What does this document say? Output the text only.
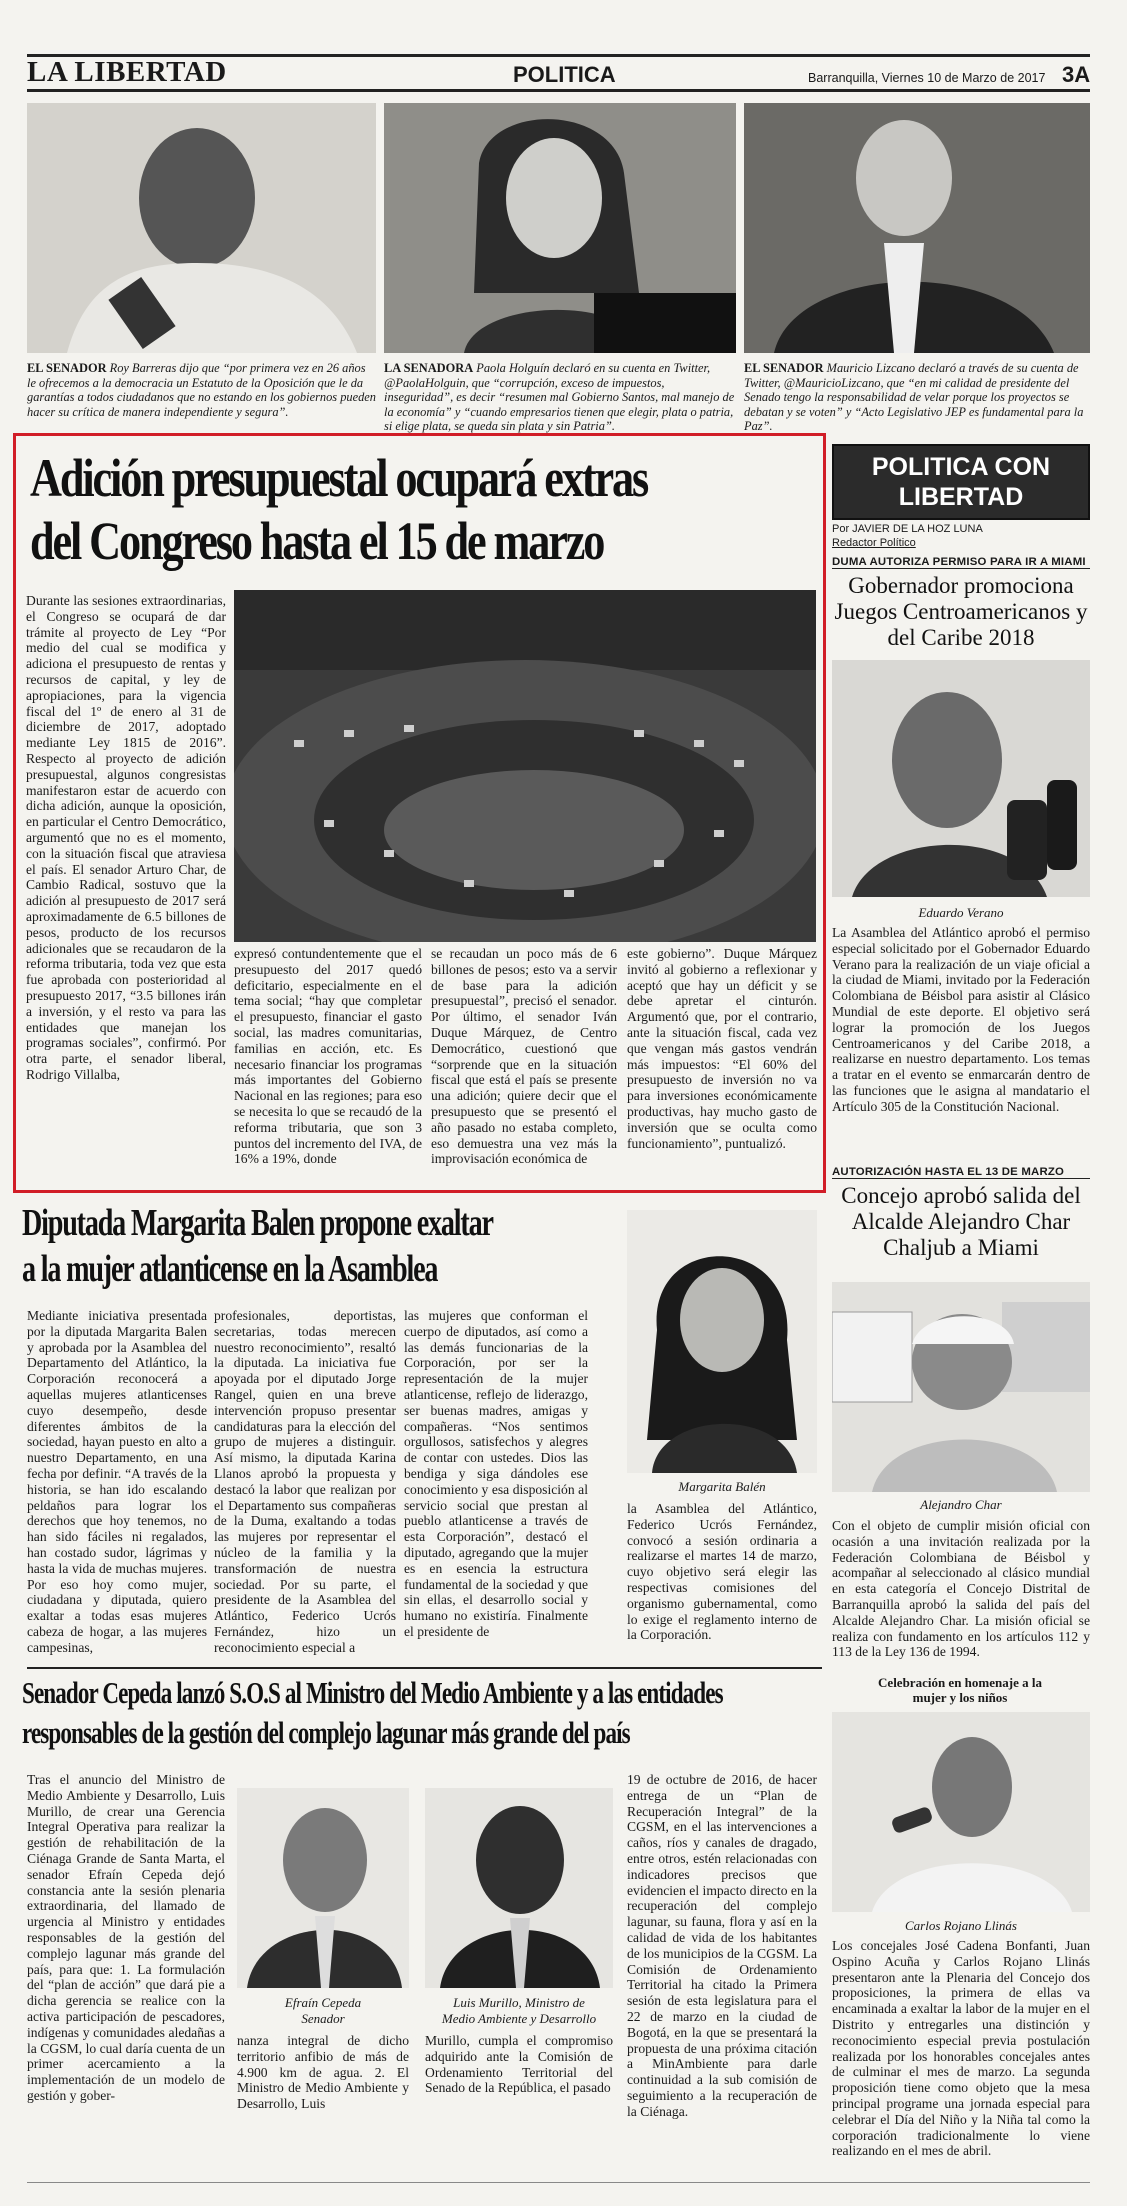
LA LIBERTAD	POLITICA	Barranquilla, Viernes 10 de Marzo de 2017 3A
EL SENADOR Roy Barreras dijo que “por primera vez en 26 años le ofrecemos a la democracia un Estatuto de la Oposición que le da garantías a todos ciudadanos que no estando en los gobiernos pueden hacer su crítica de manera independiente y segura”.
LA SENADORA Paola Holguín declaró en su cuenta en Twitter, @PaolaHolguin, que “corrupción, exceso de impuestos, inseguridad”, es decir “resumen mal Gobierno Santos, mal manejo de la economía” y “cuando empresarios tienen que elegir, plata o patria, si elige plata, se queda sin plata y sin Patria”.
EL SENADOR Mauricio Lizcano declaró a través de su cuenta de Twitter, @MauricioLizcano, que “en mi calidad de presidente del Senado tengo la responsabilidad de velar porque los proyectos se debatan y se voten” y “Acto Legislativo JEP es fundamental para la Paz”.
Adición presupuestal ocupará extras
del Congreso hasta el 15 de marzo
Durante las sesiones extraordinarias, el Congreso se ocupará de dar trámite al proyecto de Ley “Por medio del cual se modifica y adiciona el presupuesto de rentas y recursos de capital, y ley de apropiaciones, para la vigencia fiscal del 1º de enero al 31 de diciembre de 2017, adoptado mediante Ley 1815 de 2016”. Respecto al proyecto de adición presupuestal, algunos congresistas manifestaron estar de acuerdo con dicha adición, aunque la oposición, en particular el Centro Democrático, argumentó que no es el momento, con la situación fiscal que atraviesa el país. El senador Arturo Char, de Cambio Radical, sostuvo que la adición al presupuesto de 2017 será aproximadamente de 6.5 billones de pesos, producto de los recursos adicionales que se recaudaron de la reforma tributaria, toda vez que esta fue aprobada con posterioridad al presupuesto 2017, “3.5 billones irán a inversión, y el resto va para las entidades que manejan los programas sociales”, confirmó. Por otra parte, el senador liberal, Rodrigo Villalba,
expresó contundentemente que el presupuesto del 2017 quedó deficitario, especialmente en el tema social; “hay que completar el presupuesto, financiar el gasto social, las madres comunitarias, familias en acción, etc. Es necesario financiar los programas más importantes del Gobierno Nacional en las regiones; para eso se necesita lo que se recaudó de la reforma tributaria, que son 3 puntos del incremento del IVA, de 16% a 19%, donde
se recaudan un poco más de 6 billones de pesos; esto va a servir de base para la adición presupuestal”, precisó el senador. Por último, el senador Iván Duque Márquez, de Centro Democrático, cuestionó que “sorprende que en la situación fiscal que está el país se presente una adición; quiere decir que el presupuesto que se presentó el año pasado no estaba completo, eso demuestra una vez más la improvisación económica de
este gobierno”. Duque Márquez invitó al gobierno a reflexionar y aceptó que hay un déficit y se debe apretar el cinturón. Argumentó que, por el contrario, ante la situación fiscal, cada vez que vengan más gastos vendrán más impuestos: “El 60% del presupuesto de inversión no va para inversiones económicamente productivas, hay mucho gasto de inversión que se oculta como funcionamiento”, puntualizó.
POLITICA CON
LIBERTAD
Por JAVIER DE LA HOZ LUNA
Redactor Político
DUMA AUTORIZA PERMISO PARA IR A MIAMI
Gobernador promociona Juegos Centroamericanos y del Caribe 2018
Eduardo Verano
La Asamblea del Atlántico aprobó el permiso especial solicitado por el Gobernador Eduardo Verano para la realización de un viaje oficial a la ciudad de Miami, invitado por la Federación Colombiana de Béisbol para asistir al Clásico Mundial de este deporte. El objetivo será lograr la promoción de los Juegos Centroamericanos y del Caribe 2018, a realizarse en nuestro departamento. Los temas a tratar en el evento se enmarcarán dentro de las funciones que le asigna al mandatario el Artículo 305 de la Constitución Nacional.
AUTORIZACIÓN HASTA EL 13 DE MARZO
Concejo aprobó salida del Alcalde Alejandro Char Chaljub a Miami
Alejandro Char
Con el objeto de cumplir misión oficial con ocasión a una invitación realizada por la Federación Colombiana de Béisbol y acompañar al seleccionado al clásico mundial en esta categoría el Concejo Distrital de Barranquilla aprobó la salida del país del Alcalde Alejandro Char. La misión oficial se realiza con fundamento en los artículos 112 y 113 de la Ley 136 de 1994.
Celebración en homenaje a la mujer y los niños
Carlos Rojano Llinás
Los concejales José Cadena Bonfanti, Juan Ospino Acuña y Carlos Rojano Llinás presentaron ante la Plenaria del Concejo dos proposiciones, la primera de ellas va encaminada a exaltar la labor de la mujer en el Distrito y entregarles una distinción y reconocimiento especial previa postulación realizada por los honorables concejales antes de culminar el mes de marzo. La segunda proposición tiene como objeto que la mesa principal programe una jornada especial para celebrar el Día del Niño y la Niña tal como la corporación tradicionalmente lo viene realizando en el mes de abril.
Diputada Margarita Balen propone exaltar
a la mujer atlanticense en la Asamblea
Mediante iniciativa presentada por la diputada Margarita Balen y aprobada por la Asamblea del Departamento del Atlántico, la Corporación reconocerá a aquellas mujeres atlanticenses cuyo desempeño, desde diferentes ámbitos de la sociedad, hayan puesto en alto a nuestro Departamento, en una fecha por definir. “A través de la historia, se han ido escalando peldaños para lograr los derechos que hoy tenemos, no han sido fáciles ni regalados, han costado sudor, lágrimas y hasta la vida de muchas mujeres. Por eso hoy como mujer, ciudadana y diputada, quiero exaltar a todas esas mujeres cabeza de hogar, a las mujeres campesinas,
profesionales, deportistas, secretarias, todas merecen nuestro reconocimiento”, resaltó la diputada. La iniciativa fue apoyada por el diputado Jorge Rangel, quien en una breve intervención propuso presentar candidaturas para la elección del grupo de mujeres a distinguir. Así mismo, la diputada Karina Llanos aprobó la propuesta y destacó la labor que realizan por el Departamento sus compañeras de la Duma, exaltando a todas las mujeres por representar el núcleo de la familia y la transformación de nuestra sociedad. Por su parte, el presidente de la Asamblea del Atlántico, Federico Ucrós Fernández, hizo un reconocimiento especial a
las mujeres que conforman el cuerpo de diputados, así como a las demás funcionarias de la Corporación, por ser la representación de la mujer atlanticense, reflejo de liderazgo, ser buenas madres, amigas y compañeras. “Nos sentimos orgullosos, satisfechos y alegres de contar con ustedes. Dios las bendiga y siga dándoles ese conocimiento y esa disposición al servicio social que prestan al pueblo atlanticense a través de esta Corporación”, destacó el diputado, agregando que la mujer es en esencia la estructura fundamental de la sociedad y que sin ellas, el desarrollo social y humano no existiría. Finalmente el presidente de
Margarita Balén
la Asamblea del Atlántico, Federico Ucrós Fernández, convocó a sesión ordinaria a realizarse el martes 14 de marzo, cuyo objetivo será elegir las respectivas comisiones del organismo gubernamental, como lo exige el reglamento interno de la Corporación.
Senador Cepeda lanzó S.O.S al Ministro del Medio Ambiente y a las entidades
responsables de la gestión del complejo lagunar más grande del país
Tras el anuncio del Ministro de Medio Ambiente y Desarrollo, Luis Murillo, de crear una Gerencia Integral Operativa para realizar la gestión de rehabilitación de la Ciénaga Grande de Santa Marta, el senador Efraín Cepeda dejó constancia ante la sesión plenaria extraordinaria, del llamado de urgencia al Ministro y entidades responsables de la gestión del complejo lagunar más grande del país, para que: 1. La formulación del “plan de acción” que dará pie a dicha gerencia se realice con la activa participación de pescadores, indígenas y comunidades aledañas a la CGSM, lo cual daría cuenta de un primer acercamiento a la implementación de un modelo de gestión y gober-
Efraín Cepeda
Senador
Luis Murillo, Ministro de
Medio Ambiente y Desarrollo
nanza integral de dicho territorio anfibio de más de 4.900 km de agua. 2. El Ministro de Medio Ambiente y Desarrollo, Luis
Murillo, cumpla el compromiso adquirido ante la Comisión de Ordenamiento Territorial del Senado de la República, el pasado
19 de octubre de 2016, de hacer entrega de un “Plan de Recuperación Integral” de la CGSM, en el las intervenciones a caños, ríos y canales de dragado, entre otros, estén relacionadas con indicadores precisos que evidencien el impacto directo en la recuperación del complejo lagunar, su fauna, flora y así en la calidad de vida de los habitantes de los municipios de la CGSM. La Comisión de Ordenamiento Territorial ha citado la Primera sesión de esta legislatura para el 22 de marzo en la ciudad de Bogotá, en la que se presentará la propuesta de una próxima citación a MinAmbiente para darle continuidad a la sub comisión de seguimiento a la recuperación de la Ciénaga.
